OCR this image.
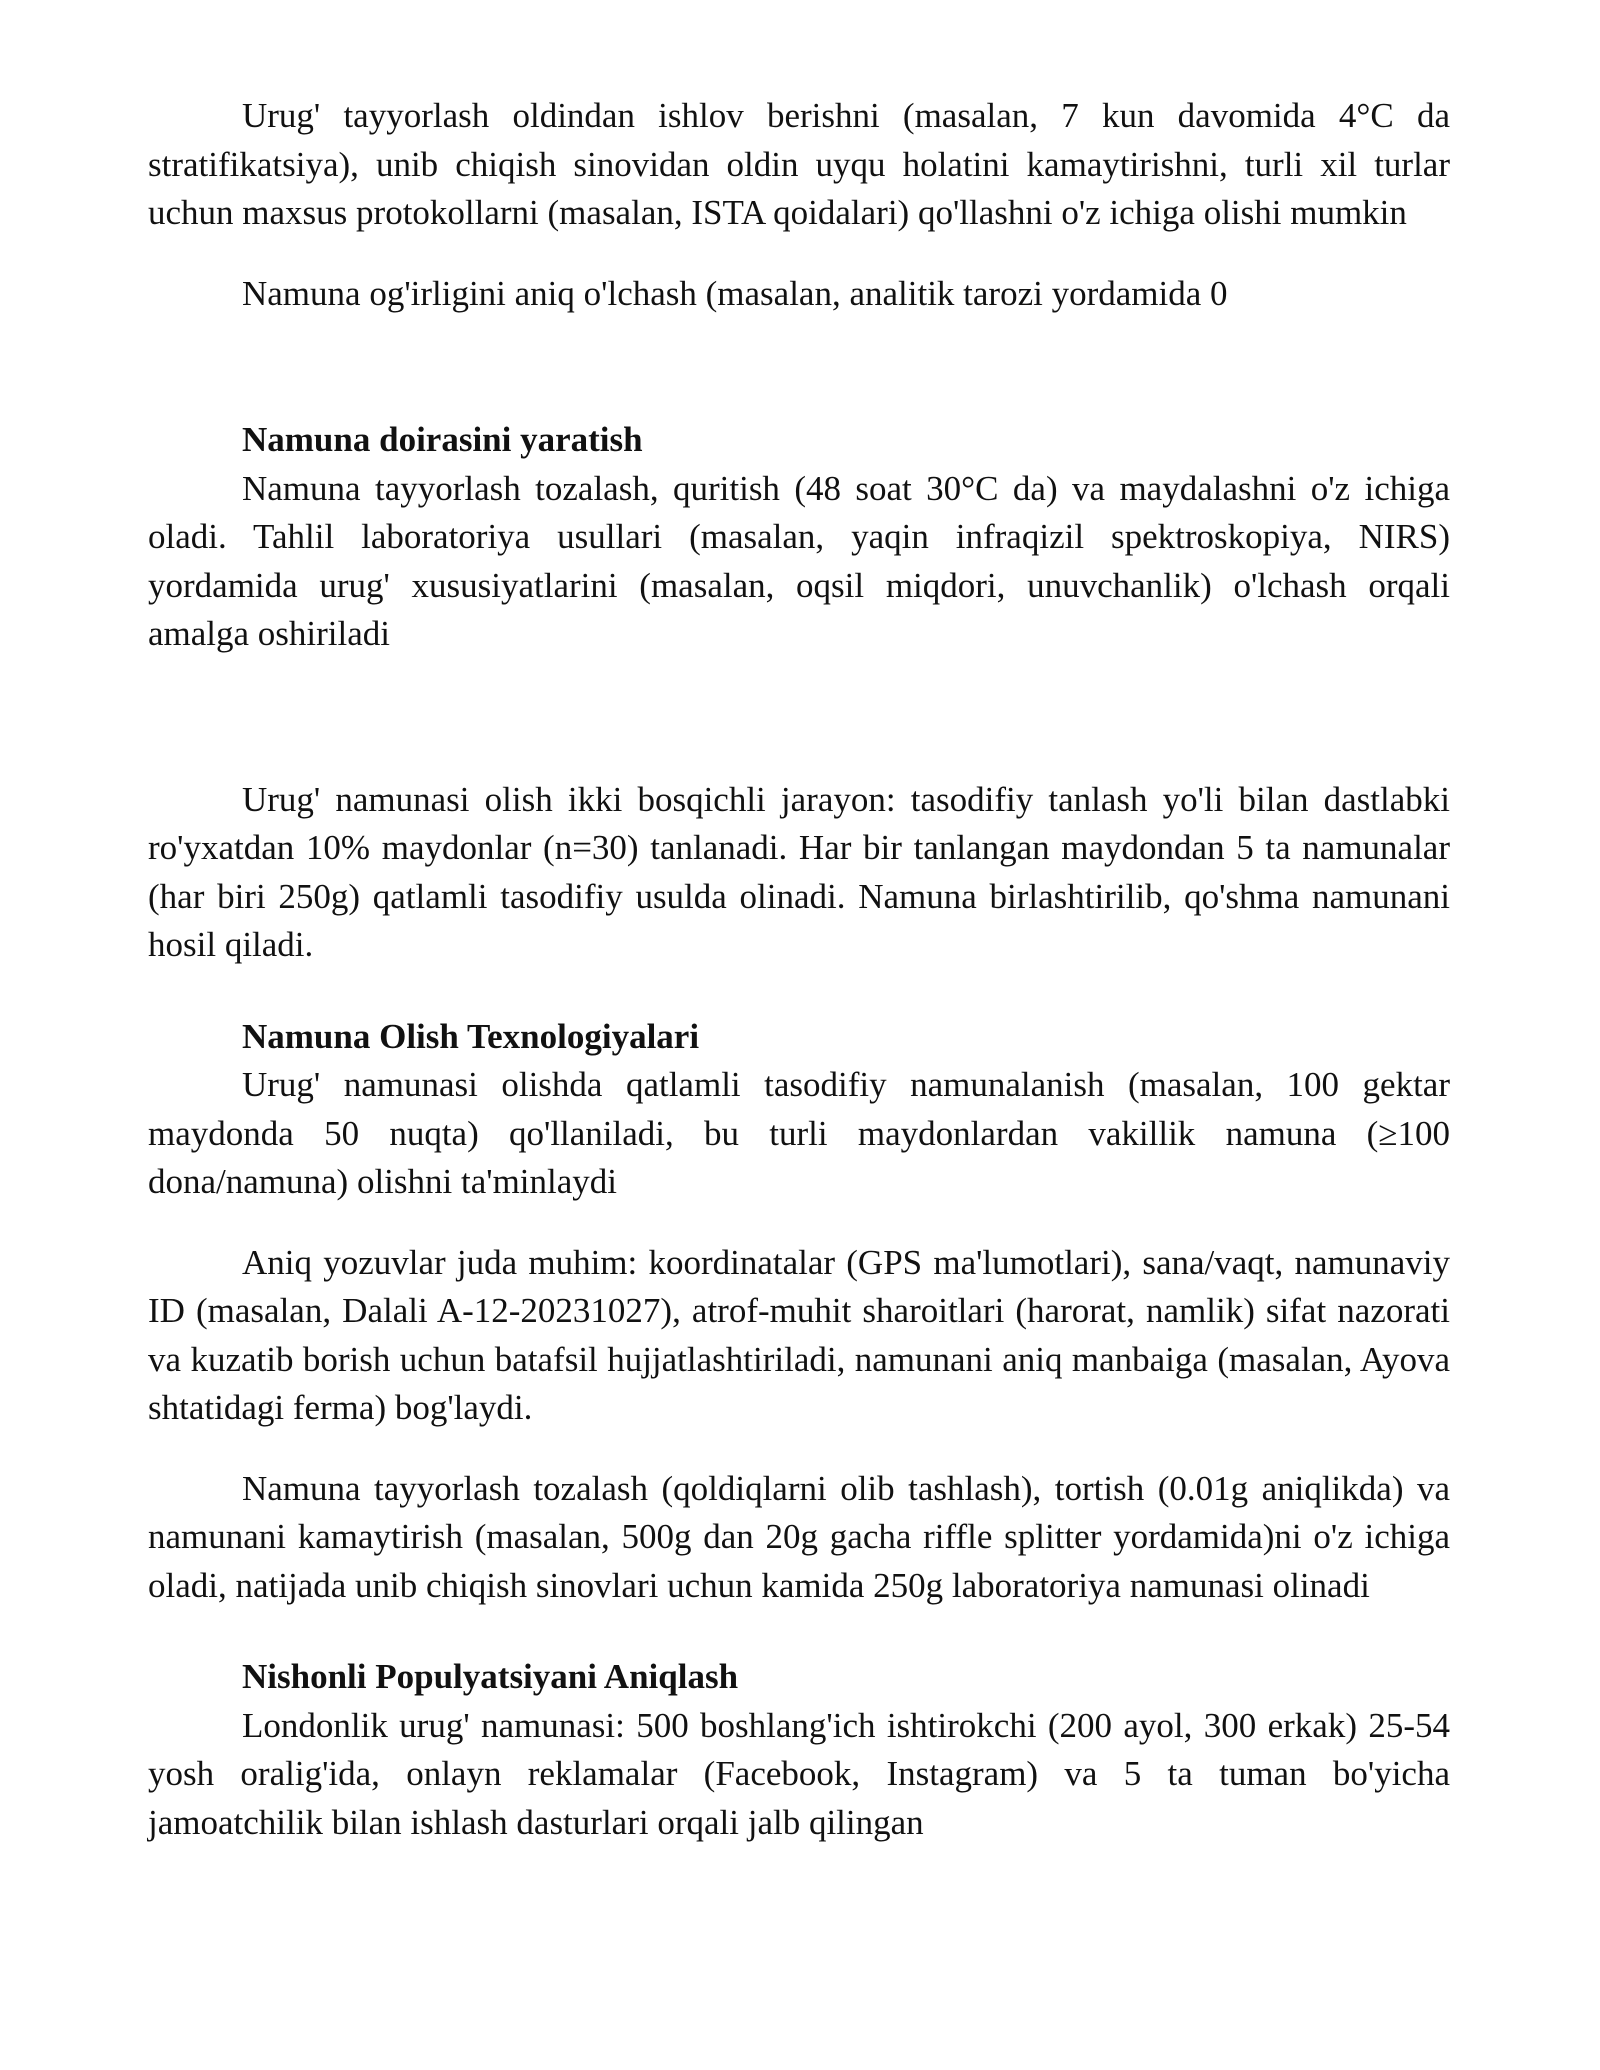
Urug' tayyorlash oldindan ishlov berishni (masalan, 7 kun davomida 4°C da stratifikatsiya), unib chiqish sinovidan oldin uyqu holatini kamaytirishni, turli xil turlar uchun maxsus protokollarni (masalan, ISTA qoidalari) qo'llashni o'z ichiga olishi mumkin

Namuna og'irligini aniq o'lchash (masalan, analitik tarozi yordamida 0

Namuna doirasini yaratish

Namuna tayyorlash tozalash, quritish (48 soat 30°C da) va maydalashni o'z ichiga oladi. Tahlil laboratoriya usullari (masalan, yaqin infraqizil spektroskopiya, NIRS) yordamida urug' xususiyatlarini (masalan, oqsil miqdori, unuvchanlik) o'lchash orqali amalga oshiriladi

Urug' namunasi olish ikki bosqichli jarayon: tasodifiy tanlash yo'li bilan dastlabki ro'yxatdan 10% maydonlar (n=30) tanlanadi. Har bir tanlangan maydondan 5 ta namunalar (har biri 250g) qatlamli tasodifiy usulda olinadi. Namuna birlashtirilib, qo'shma namunani hosil qiladi.

Namuna Olish Texnologiyalari

Urug' namunasi olishda qatlamli tasodifiy namunalanish (masalan, 100 gektar maydonda 50 nuqta) qo'llaniladi, bu turli maydonlardan vakillik namuna (≥100 dona/namuna) olishni ta'minlaydi

Aniq yozuvlar juda muhim: koordinatalar (GPS ma'lumotlari), sana/vaqt, namunaviy ID (masalan, Dalali A-12-20231027), atrof-muhit sharoitlari (harorat, namlik) sifat nazorati va kuzatib borish uchun batafsil hujjatlashtiriladi, namunani aniq manbaiga (masalan, Ayova shtatidagi ferma) bog'laydi.

Namuna tayyorlash tozalash (qoldiqlarni olib tashlash), tortish (0.01g aniqlikda) va namunani kamaytirish (masalan, 500g dan 20g gacha riffle splitter yordamida)ni o'z ichiga oladi, natijada unib chiqish sinovlari uchun kamida 250g laboratoriya namunasi olinadi

Nishonli Populyatsiyani Aniqlash

Londonlik urug' namunasi: 500 boshlang'ich ishtirokchi (200 ayol, 300 erkak) 25-54 yosh oralig'ida, onlayn reklamalar (Facebook, Instagram) va 5 ta tuman bo'yicha jamoatchilik bilan ishlash dasturlari orqali jalb qilingan
